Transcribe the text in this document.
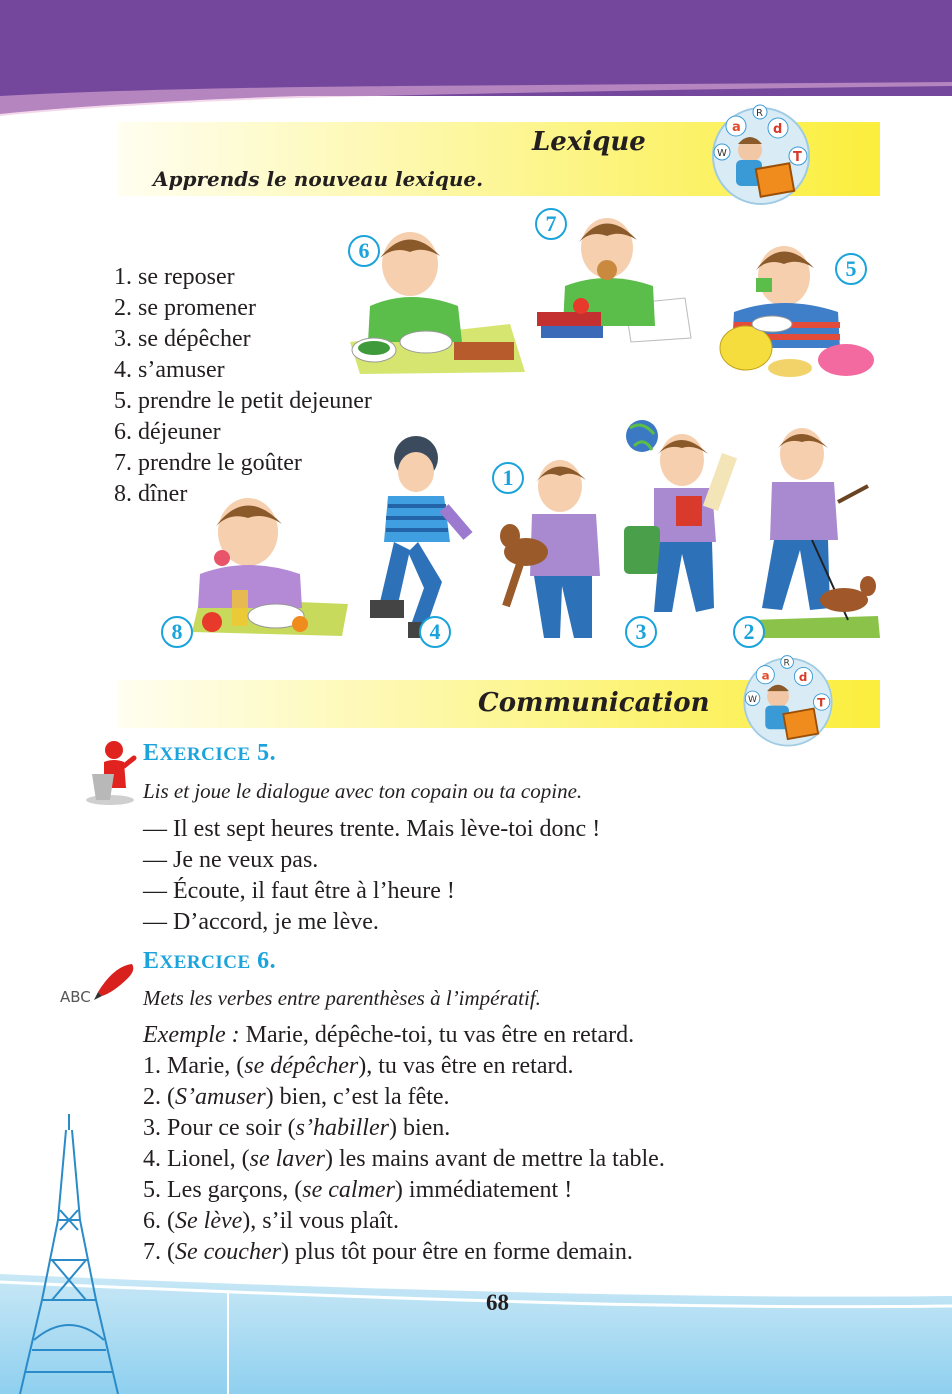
Lexique
Apprends le nouveau lexique.
a d
R
W	T
1. se reposer
2. se promener
3. se dépêcher
4. s’amuser
5. prendre le petit dejeuner
6. déjeuner
7. prendre le goûter
8. dîner
6
7
5
1
8	4	3	2
Communication
a d
R
W	T
EXERCICE 5.
Lis et joue le dialogue avec ton copain ou ta copine.
— Il est sept heures trente. Mais lève-toi donc !
— Je ne veux pas.
— Écoute, il faut être à l’heure !
— D’accord, je me lève.
ABC
EXERCICE 6.
Mets les verbes entre parenthèses à l’impératif.
Exemple : Marie, dépêche-toi, tu vas être en retard.
1. Marie, (se dépêcher), tu vas être en retard.
2. (S’amuser) bien, c’est la fête.
3. Pour ce soir (s’habiller) bien.
4. Lionel, (se laver) les mains avant de mettre la table.
5. Les garçons, (se calmer) immédiatement !
6. (Se lève), s’il vous plaît.
7. (Se coucher) plus tôt pour être en forme demain.
68
